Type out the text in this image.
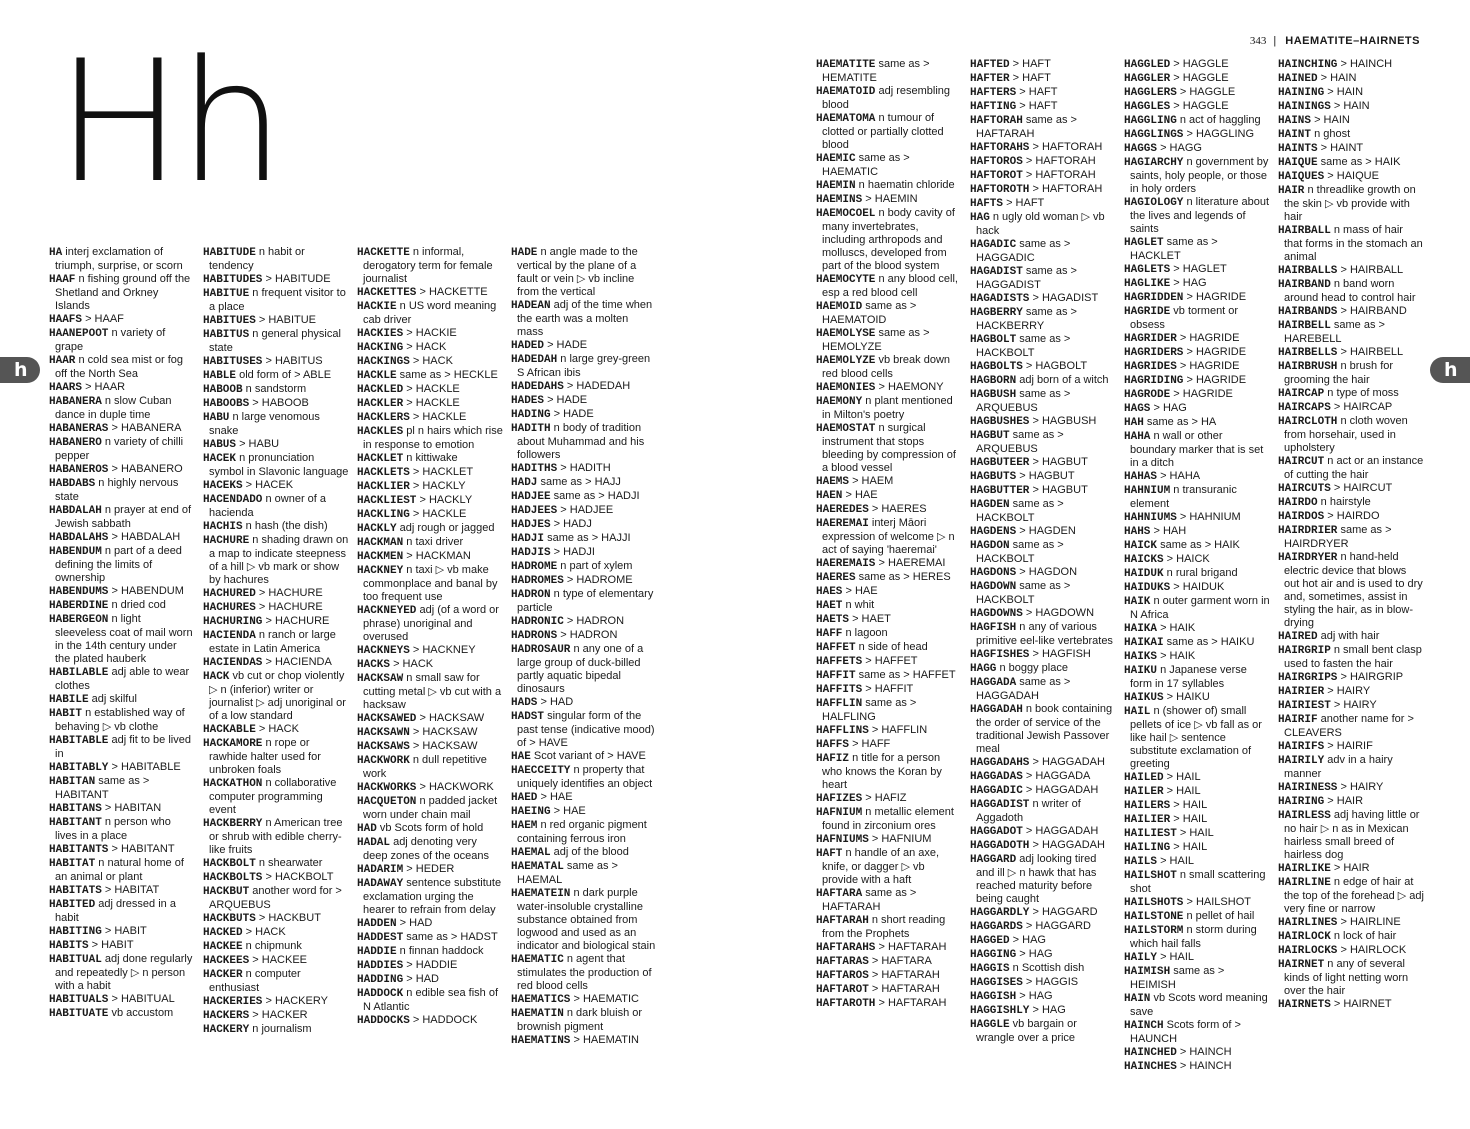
Hh
h	h
343 | HAEMATITE–HAIRNETS

HA interj exclamation of triumph, surprise, or scorn

HAAF n fishing ground off the Shetland and Orkney Islands

HAAFS > HAAF

HAANEPOOT n variety of grape

HAAR n cold sea mist or fog off the North Sea

HAARS > HAAR

HABANERA n slow Cuban dance in duple time

HABANERAS > HABANERA

HABANERO n variety of chilli pepper

HABANEROS > HABANERO

HABDABS n highly nervous state

HABDALAH n prayer at end of Jewish sabbath

HABDALAHS > HABDALAH

HABENDUM n part of a deed defining the limits of ownership

HABENDUMS > HABENDUM

HABERDINE n dried cod

HABERGEON n light sleeveless coat of mail worn in the 14th century under the plated hauberk

HABILABLE adj able to wear clothes

HABILE adj skilful

HABIT n established way of behaving ▷ vb clothe

HABITABLE adj fit to be lived in

HABITABLY > HABITABLE

HABITAN same as > HABITANT

HABITANS > HABITAN

HABITANT n person who lives in a place

HABITANTS > HABITANT

HABITAT n natural home of an animal or plant

HABITATS > HABITAT

HABITED adj dressed in a habit

HABITING > HABIT

HABITS > HABIT

HABITUAL adj done regularly and repeatedly ▷ n person with a habit

HABITUALS > HABITUAL

HABITUATE vb accustom

HABITUDE n habit or tendency

HABITUDES > HABITUDE

HABITUE n frequent visitor to a place

HABITUES > HABITUE

HABITUS n general physical state

HABITUSES > HABITUS

HABLE old form of > ABLE

HABOOB n sandstorm

HABOOBS > HABOOB

HABU n large venomous snake

HABUS > HABU

HACEK n pronunciation symbol in Slavonic language

HACEKS > HACEK

HACENDADO n owner of a hacienda

HACHIS n hash (the dish)

HACHURE n shading drawn on a map to indicate steepness of a hill ▷ vb mark or show by hachures

HACHURED > HACHURE

HACHURES > HACHURE

HACHURING > HACHURE

HACIENDA n ranch or large estate in Latin America

HACIENDAS > HACIENDA

HACK vb cut or chop violently ▷ n (inferior) writer or journalist ▷ adj unoriginal or of a low standard

HACKABLE > HACK

HACKAMORE n rope or rawhide halter used for unbroken foals

HACKATHON n collaborative computer programming event

HACKBERRY n American tree or shrub with edible cherry-like fruits

HACKBOLT n shearwater

HACKBOLTS > HACKBOLT

HACKBUT another word for > ARQUEBUS

HACKBUTS > HACKBUT

HACKED > HACK

HACKEE n chipmunk

HACKEES > HACKEE

HACKER n computer enthusiast

HACKERIES > HACKERY

HACKERS > HACKER

HACKERY n journalism

HACKETTE n informal, derogatory term for female journalist

HACKETTES > HACKETTE

HACKIE n US word meaning cab driver

HACKIES > HACKIE

HACKING > HACK

HACKINGS > HACK

HACKLE same as > HECKLE

HACKLED > HACKLE

HACKLER > HACKLE

HACKLERS > HACKLE

HACKLES pl n hairs which rise in response to emotion

HACKLET n kittiwake

HACKLETS > HACKLET

HACKLIER > HACKLY

HACKLIEST > HACKLY

HACKLING > HACKLE

HACKLY adj rough or jagged

HACKMAN n taxi driver

HACKMEN > HACKMAN

HACKNEY n taxi ▷ vb make commonplace and banal by too frequent use

HACKNEYED adj (of a word or phrase) unoriginal and overused

HACKNEYS > HACKNEY

HACKS > HACK

HACKSAW n small saw for cutting metal ▷ vb cut with a hacksaw

HACKSAWED > HACKSAW

HACKSAWN > HACKSAW

HACKSAWS > HACKSAW

HACKWORK n dull repetitive work

HACKWORKS > HACKWORK

HACQUETON n padded jacket worn under chain mail

HAD vb Scots form of hold

HADAL adj denoting very deep zones of the oceans

HADARIM > HEDER

HADAWAY sentence substitute exclamation urging the hearer to refrain from delay

HADDEN > HAD

HADDEST same as > HADST

HADDIE n finnan haddock

HADDIES > HADDIE

HADDING > HAD

HADDOCK n edible sea fish of N Atlantic

HADDOCKS > HADDOCK

HADE n angle made to the vertical by the plane of a fault or vein ▷ vb incline from the vertical

HADEAN adj of the time when the earth was a molten mass

HADED > HADE

HADEDAH n large grey-green S African ibis

HADEDAHS > HADEDAH

HADES > HADE

HADING > HADE

HADITH n body of tradition about Muhammad and his followers

HADITHS > HADITH

HADJ same as > HAJJ

HADJEE same as > HADJI

HADJEES > HADJEE

HADJES > HADJ

HADJI same as > HAJJI

HADJIS > HADJI

HADROME n part of xylem

HADROMES > HADROME

HADRON n type of elementary particle

HADRONIC > HADRON

HADRONS > HADRON

HADROSAUR n any one of a large group of duck-billed partly aquatic bipedal dinosaurs

HADS > HAD

HADST singular form of the past tense (indicative mood) of > HAVE

HAE Scot variant of > HAVE

HAECCEITY n property that uniquely identifies an object

HAED > HAE

HAEING > HAE

HAEM n red organic pigment containing ferrous iron

HAEMAL adj of the blood

HAEMATAL same as > HAEMAL

HAEMATEIN n dark purple water-insoluble crystalline substance obtained from logwood and used as an indicator and biological stain

HAEMATIC n agent that stimulates the production of red blood cells

HAEMATICS > HAEMATIC

HAEMATIN n dark bluish or brownish pigment

HAEMATINS > HAEMATIN

HAEMATITE same as > HEMATITE

HAEMATOID adj resembling blood

HAEMATOMA n tumour of clotted or partially clotted blood

HAEMIC same as > HAEMATIC

HAEMIN n haematin chloride

HAEMINS > HAEMIN

HAEMOCOEL n body cavity of many invertebrates, including arthropods and molluscs, developed from part of the blood system

HAEMOCYTE n any blood cell, esp a red blood cell

HAEMOID same as > HAEMATOID

HAEMOLYSE same as > HEMOLYZE

HAEMOLYZE vb break down red blood cells

HAEMONIES > HAEMONY

HAEMONY n plant mentioned in Milton's poetry

HAEMOSTAT n surgical instrument that stops bleeding by compression of a blood vessel

HAEMS > HAEM

HAEN > HAE

HAEREDES > HAERES

HAEREMAI interj Māori expression of welcome ▷ n act of saying 'haeremai'

HAEREMAIS > HAEREMAI

HAERES same as > HERES

HAES > HAE

HAET n whit

HAETS > HAET

HAFF n lagoon

HAFFET n side of head

HAFFETS > HAFFET

HAFFIT same as > HAFFET

HAFFITS > HAFFIT

HAFFLIN same as > HALFLING

HAFFLINS > HAFFLIN

HAFFS > HAFF

HAFIZ n title for a person who knows the Koran by heart

HAFIZES > HAFIZ

HAFNIUM n metallic element found in zirconium ores

HAFNIUMS > HAFNIUM

HAFT n handle of an axe, knife, or dagger ▷ vb provide with a haft

HAFTARA same as > HAFTARAH

HAFTARAH n short reading from the Prophets

HAFTARAHS > HAFTARAH

HAFTARAS > HAFTARA

HAFTAROS > HAFTARAH

HAFTAROT > HAFTARAH

HAFTAROTH > HAFTARAH

HAFTED > HAFT

HAFTER > HAFT

HAFTERS > HAFT

HAFTING > HAFT

HAFTORAH same as > HAFTARAH

HAFTORAHS > HAFTORAH

HAFTOROS > HAFTORAH

HAFTOROT > HAFTORAH

HAFTOROTH > HAFTORAH

HAFTS > HAFT

HAG n ugly old woman ▷ vb hack

HAGADIC same as > HAGGADIC

HAGADIST same as > HAGGADIST

HAGADISTS > HAGADIST

HAGBERRY same as > HACKBERRY

HAGBOLT same as > HACKBOLT

HAGBOLTS > HAGBOLT

HAGBORN adj born of a witch

HAGBUSH same as > ARQUEBUS

HAGBUSHES > HAGBUSH

HAGBUT same as > ARQUEBUS

HAGBUTEER > HAGBUT

HAGBUTS > HAGBUT

HAGBUTTER > HAGBUT

HAGDEN same as > HACKBOLT

HAGDENS > HAGDEN

HAGDON same as > HACKBOLT

HAGDONS > HAGDON

HAGDOWN same as > HACKBOLT

HAGDOWNS > HAGDOWN

HAGFISH n any of various primitive eel-like vertebrates

HAGFISHES > HAGFISH

HAGG n boggy place

HAGGADA same as > HAGGADAH

HAGGADAH n book containing the order of service of the traditional Jewish Passover meal

HAGGADAHS > HAGGADAH

HAGGADAS > HAGGADA

HAGGADIC > HAGGADAH

HAGGADIST n writer of Aggadoth

HAGGADOT > HAGGADAH

HAGGADOTH > HAGGADAH

HAGGARD adj looking tired and ill ▷ n hawk that has reached maturity before being caught

HAGGARDLY > HAGGARD

HAGGARDS > HAGGARD

HAGGED > HAG

HAGGING > HAG

HAGGIS n Scottish dish

HAGGISES > HAGGIS

HAGGISH > HAG

HAGGISHLY > HAG

HAGGLE vb bargain or wrangle over a price

HAGGLED > HAGGLE

HAGGLER > HAGGLE

HAGGLERS > HAGGLE

HAGGLES > HAGGLE

HAGGLING n act of haggling

HAGGLINGS > HAGGLING

HAGGS > HAGG

HAGIARCHY n government by saints, holy people, or those in holy orders

HAGIOLOGY n literature about the lives and legends of saints

HAGLET same as > HACKLET

HAGLETS > HAGLET

HAGLIKE > HAG

HAGRIDDEN > HAGRIDE

HAGRIDE vb torment or obsess

HAGRIDER > HAGRIDE

HAGRIDERS > HAGRIDE

HAGRIDES > HAGRIDE

HAGRIDING > HAGRIDE

HAGRODE > HAGRIDE

HAGS > HAG

HAH same as > HA

HAHA n wall or other boundary marker that is set in a ditch

HAHAS > HAHA

HAHNIUM n transuranic element

HAHNIUMS > HAHNIUM

HAHS > HAH

HAICK same as > HAIK

HAICKS > HAICK

HAIDUK n rural brigand

HAIDUKS > HAIDUK

HAIK n outer garment worn in N Africa

HAIKA > HAIK

HAIKAI same as > HAIKU

HAIKS > HAIK

HAIKU n Japanese verse form in 17 syllables

HAIKUS > HAIKU

HAIL n (shower of) small pellets of ice ▷ vb fall as or like hail ▷ sentence substitute exclamation of greeting

HAILED > HAIL

HAILER > HAIL

HAILERS > HAIL

HAILIER > HAIL

HAILIEST > HAIL

HAILING > HAIL

HAILS > HAIL

HAILSHOT n small scattering shot

HAILSHOTS > HAILSHOT

HAILSTONE n pellet of hail

HAILSTORM n storm during which hail falls

HAILY > HAIL

HAIMISH same as > HEIMISH

HAIN vb Scots word meaning save

HAINCH Scots form of > HAUNCH

HAINCHED > HAINCH

HAINCHES > HAINCH

HAINCHING > HAINCH

HAINED > HAIN

HAINING > HAIN

HAININGS > HAIN

HAINS > HAIN

HAINT n ghost

HAINTS > HAINT

HAIQUE same as > HAIK

HAIQUES > HAIQUE

HAIR n threadlike growth on the skin ▷ vb provide with hair

HAIRBALL n mass of hair that forms in the stomach an animal

HAIRBALLS > HAIRBALL

HAIRBAND n band worn around head to control hair

HAIRBANDS > HAIRBAND

HAIRBELL same as > HAREBELL

HAIRBELLS > HAIRBELL

HAIRBRUSH n brush for grooming the hair

HAIRCAP n type of moss

HAIRCAPS > HAIRCAP

HAIRCLOTH n cloth woven from horsehair, used in upholstery

HAIRCUT n act or an instance of cutting the hair

HAIRCUTS > HAIRCUT

HAIRDO n hairstyle

HAIRDOS > HAIRDO

HAIRDRIER same as > HAIRDRYER

HAIRDRYER n hand-held electric device that blows out hot air and is used to dry and, sometimes, assist in styling the hair, as in blow-drying

HAIRED adj with hair

HAIRGRIP n small bent clasp used to fasten the hair

HAIRGRIPS > HAIRGRIP

HAIRIER > HAIRY

HAIRIEST > HAIRY

HAIRIF another name for > CLEAVERS

HAIRIFS > HAIRIF

HAIRILY adv in a hairy manner

HAIRINESS > HAIRY

HAIRING > HAIR

HAIRLESS adj having little or no hair ▷ n as in Mexican hairless small breed of hairless dog

HAIRLIKE > HAIR

HAIRLINE n edge of hair at the top of the forehead ▷ adj very fine or narrow

HAIRLINES > HAIRLINE

HAIRLOCK n lock of hair

HAIRLOCKS > HAIRLOCK

HAIRNET n any of several kinds of light netting worn over the hair

HAIRNETS > HAIRNET
